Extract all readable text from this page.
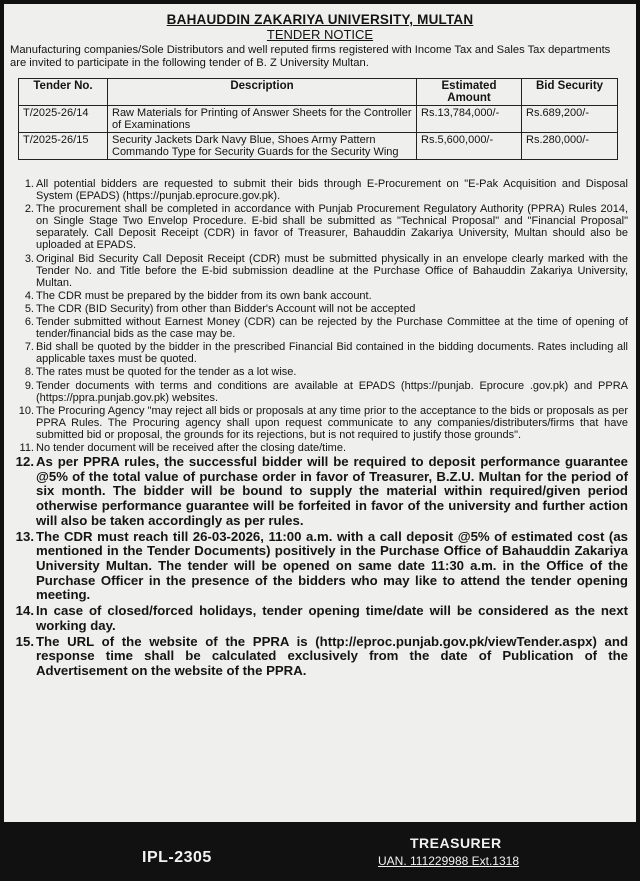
BAHAUDDIN ZAKARIYA UNIVERSITY, MULTAN
TENDER NOTICE
Manufacturing companies/Sole Distributors and well reputed firms registered with Income Tax and Sales Tax departments are invited to participate in the following tender of B. Z University Multan.
Tender No.	Description	Estimated Amount	Bid Security
T/2025-26/14	Raw Materials for Printing of Answer Sheets for the Controller of Examinations	Rs.13,784,000/-	Rs.689,200/-
T/2025-26/15	Security Jackets Dark Navy Blue, Shoes Army Pattern Commando Type for Security Guards for the Security Wing	Rs.5,600,000/-	Rs.280,000/-
1. All potential bidders are requested to submit their bids through E-Procurement on "E-Pak Acquisition and Disposal System (EPADS) (https://punjab.eprocure.gov.pk).
2. The procurement shall be completed in accordance with Punjab Procurement Regulatory Authority (PPRA) Rules 2014, on Single Stage Two Envelop Procedure. E-bid shall be submitted as "Technical Proposal" and "Financial Proposal" separately. Call Deposit Receipt (CDR) in favor of Treasurer, Bahauddin Zakariya University, Multan should also be uploaded at EPADS.
3. Original Bid Security Call Deposit Receipt (CDR) must be submitted physically in an envelope clearly marked with the Tender No. and Title before the E-bid submission deadline at the Purchase Office of Bahauddin Zakariya University, Multan.
4. The CDR must be prepared by the bidder from its own bank account.
5. The CDR (BID Security) from other than Bidder's Account will not be accepted
6. Tender submitted without Earnest Money (CDR) can be rejected by the Purchase Committee at the time of opening of tender/financial bids as the case may be.
7. Bid shall be quoted by the bidder in the prescribed Financial Bid contained in the bidding documents. Rates including all applicable taxes must be quoted.
8. The rates must be quoted for the tender as a lot wise.
9. Tender documents with terms and conditions are available at EPADS (https://punjab. Eprocure .gov.pk) and PPRA (https://ppra.punjab.gov.pk) websites.
10. The Procuring Agency "may reject all bids or proposals at any time prior to the acceptance to the bids or proposals as per PPRA Rules. The Procuring agency shall upon request communicate to any companies/distributers/firms that have submitted bid or proposal, the grounds for its rejections, but is not required to justify those grounds".
11. No tender document will be received after the closing date/time.
12. As per PPRA rules, the successful bidder will be required to deposit performance guarantee @5% of the total value of purchase order in favor of Treasurer, B.Z.U. Multan for the period of six month. The bidder will be bound to supply the material within required/given period otherwise performance guarantee will be forfeited in favor of the university and further action will also be taken accordingly as per rules.
13. The CDR must reach till 26-03-2026, 11:00 a.m. with a call deposit @5% of estimated cost (as mentioned in the Tender Documents) positively in the Purchase Office of Bahauddin Zakariya University Multan. The tender will be opened on same date 11:30 a.m. in the Office of the Purchase Officer in the presence of the bidders who may like to attend the tender opening meeting.
14. In case of closed/forced holidays, tender opening time/date will be considered as the next working day.
15. The URL of the website of the PPRA is (http://eproc.punjab.gov.pk/viewTender.aspx) and response time shall be calculated exclusively from the date of Publication of the Advertisement on the website of the PPRA.
IPL-2305
TREASURER
UAN. 111229988 Ext.1318
